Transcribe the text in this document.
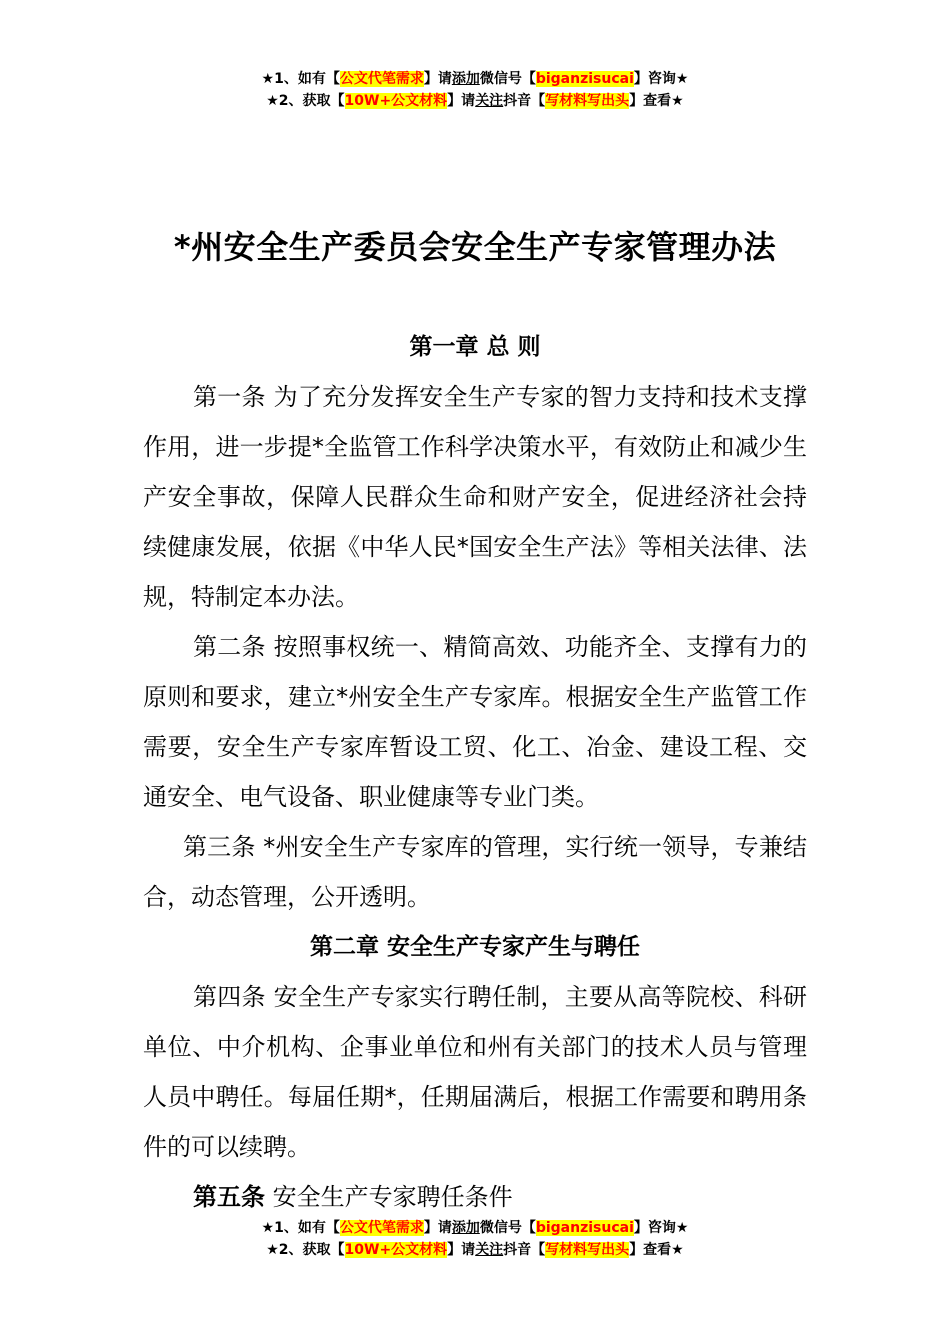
★1、如有【公文代笔需求】请添加微信号【biganzisucai】咨询★
★2、获取【10W+公文材料】请关注抖音【写材料写出头】查看★
*州安全生产委员会安全生产专家管理办法
第一章 总 则

第一条 为了充分发挥安全生产专家的智力支持和技术支撑作用，进一步提*全监管工作科学决策水平，有效防止和减少生产安全事故，保障人民群众生命和财产安全，促进经济社会持续健康发展，依据《中华人民*国安全生产法》等相关法律、法规，特制定本办法。

第二条 按照事权统一、精简高效、功能齐全、支撑有力的原则和要求，建立*州安全生产专家库。根据安全生产监管工作需要，安全生产专家库暂设工贸、化工、冶金、建设工程、交通安全、电气设备、职业健康等专业门类。

第三条 *州安全生产专家库的管理，实行统一领导，专兼结合，动态管理，公开透明。

第二章 安全生产专家产生与聘任

第四条 安全生产专家实行聘任制，主要从高等院校、科研单位、中介机构、企事业单位和州有关部门的技术人员与管理人员中聘任。每届任期*，任期届满后，根据工作需要和聘用条件的可以续聘。

第五条 安全生产专家聘任条件

★1、如有【公文代笔需求】请添加微信号【biganzisucai】咨询★
★2、获取【10W+公文材料】请关注抖音【写材料写出头】查看★
